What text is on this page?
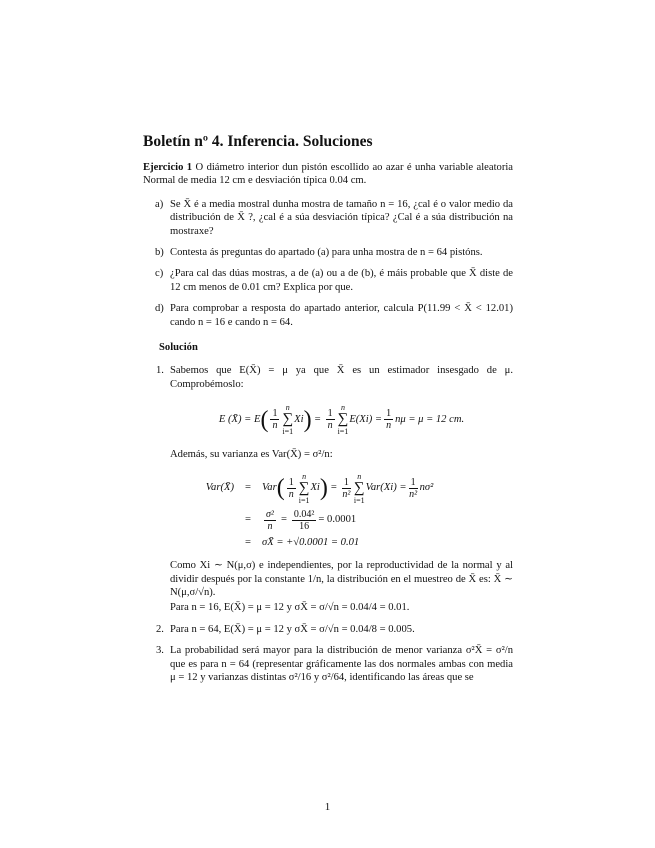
Boletín nº 4. Inferencia. Soluciones
Ejercicio 1 O diámetro interior dun pistón escollido ao azar é unha variable aleatoria Normal de media 12 cm e desviación típica 0.04 cm.
a) Se X̄ é a media mostral dunha mostra de tamaño n = 16, ¿cal é o valor medio da distribución de X̄ ?, ¿cal é a súa desviación típica? ¿Cal é a súa distribución na mostraxe?
b) Contesta ás preguntas do apartado (a) para unha mostra de n = 64 pistóns.
c) ¿Para cal das dúas mostras, a de (a) ou a de (b), é máis probable que X̄ diste de 12 cm menos de 0.01 cm? Explica por que.
d) Para comprobar a resposta do apartado anterior, calcula P(11.99 < X̄ < 12.01) cando n = 16 e cando n = 64.
Solución
1. Sabemos que E(X̄) = μ ya que X̄ es un estimador insesgado de μ. Comprobémoslo:
E (X̄) = E ( $\frac{1}{n}$
n
∑
i=1
Xi ) = $\frac{1}{n}$
n
∑
i=1
$E(Xi) = \frac{1}{n}$ nμ = μ = 12 cm.
Además, su varianza es Var(X̄) = σ²/n:
Var(X̄)	=	Var ( $\frac{1}{n}$
n
∑
i=1
Xi ) = $\frac{1}{\text{n²}}$
n
∑
i=1
$Var(Xi) = \frac{1}{\text{n²}} n\sigma^2$
=	$\frac{\text{σ²}}{n} = \frac{\text{0.04²}}{16} = 0.0001$
=	σX̄ = +√0.0001 = 0.01
Como Xi ∼ N(μ,σ) e independientes, por la reproductividad de la normal y al dividir después por la constante 1/n, la distribución en el muestreo de X̄ es: X̄ ∼ N(μ,σ/√n).
Para n = 16, E(X̄) = μ = 12 y σX̄ = σ/√n = 0.04/4 = 0.01.
2. Para n = 64, E(X̄) = μ = 12 y σX̄ = σ/√n = 0.04/8 = 0.005.
3. La probabilidad será mayor para la distribución de menor varianza σ²X̄ = σ²/n que es para n = 64 (representar gráficamente las dos normales ambas con media μ = 12 y varianzas distintas σ²/16 y σ²/64, identificando las áreas que se
1
